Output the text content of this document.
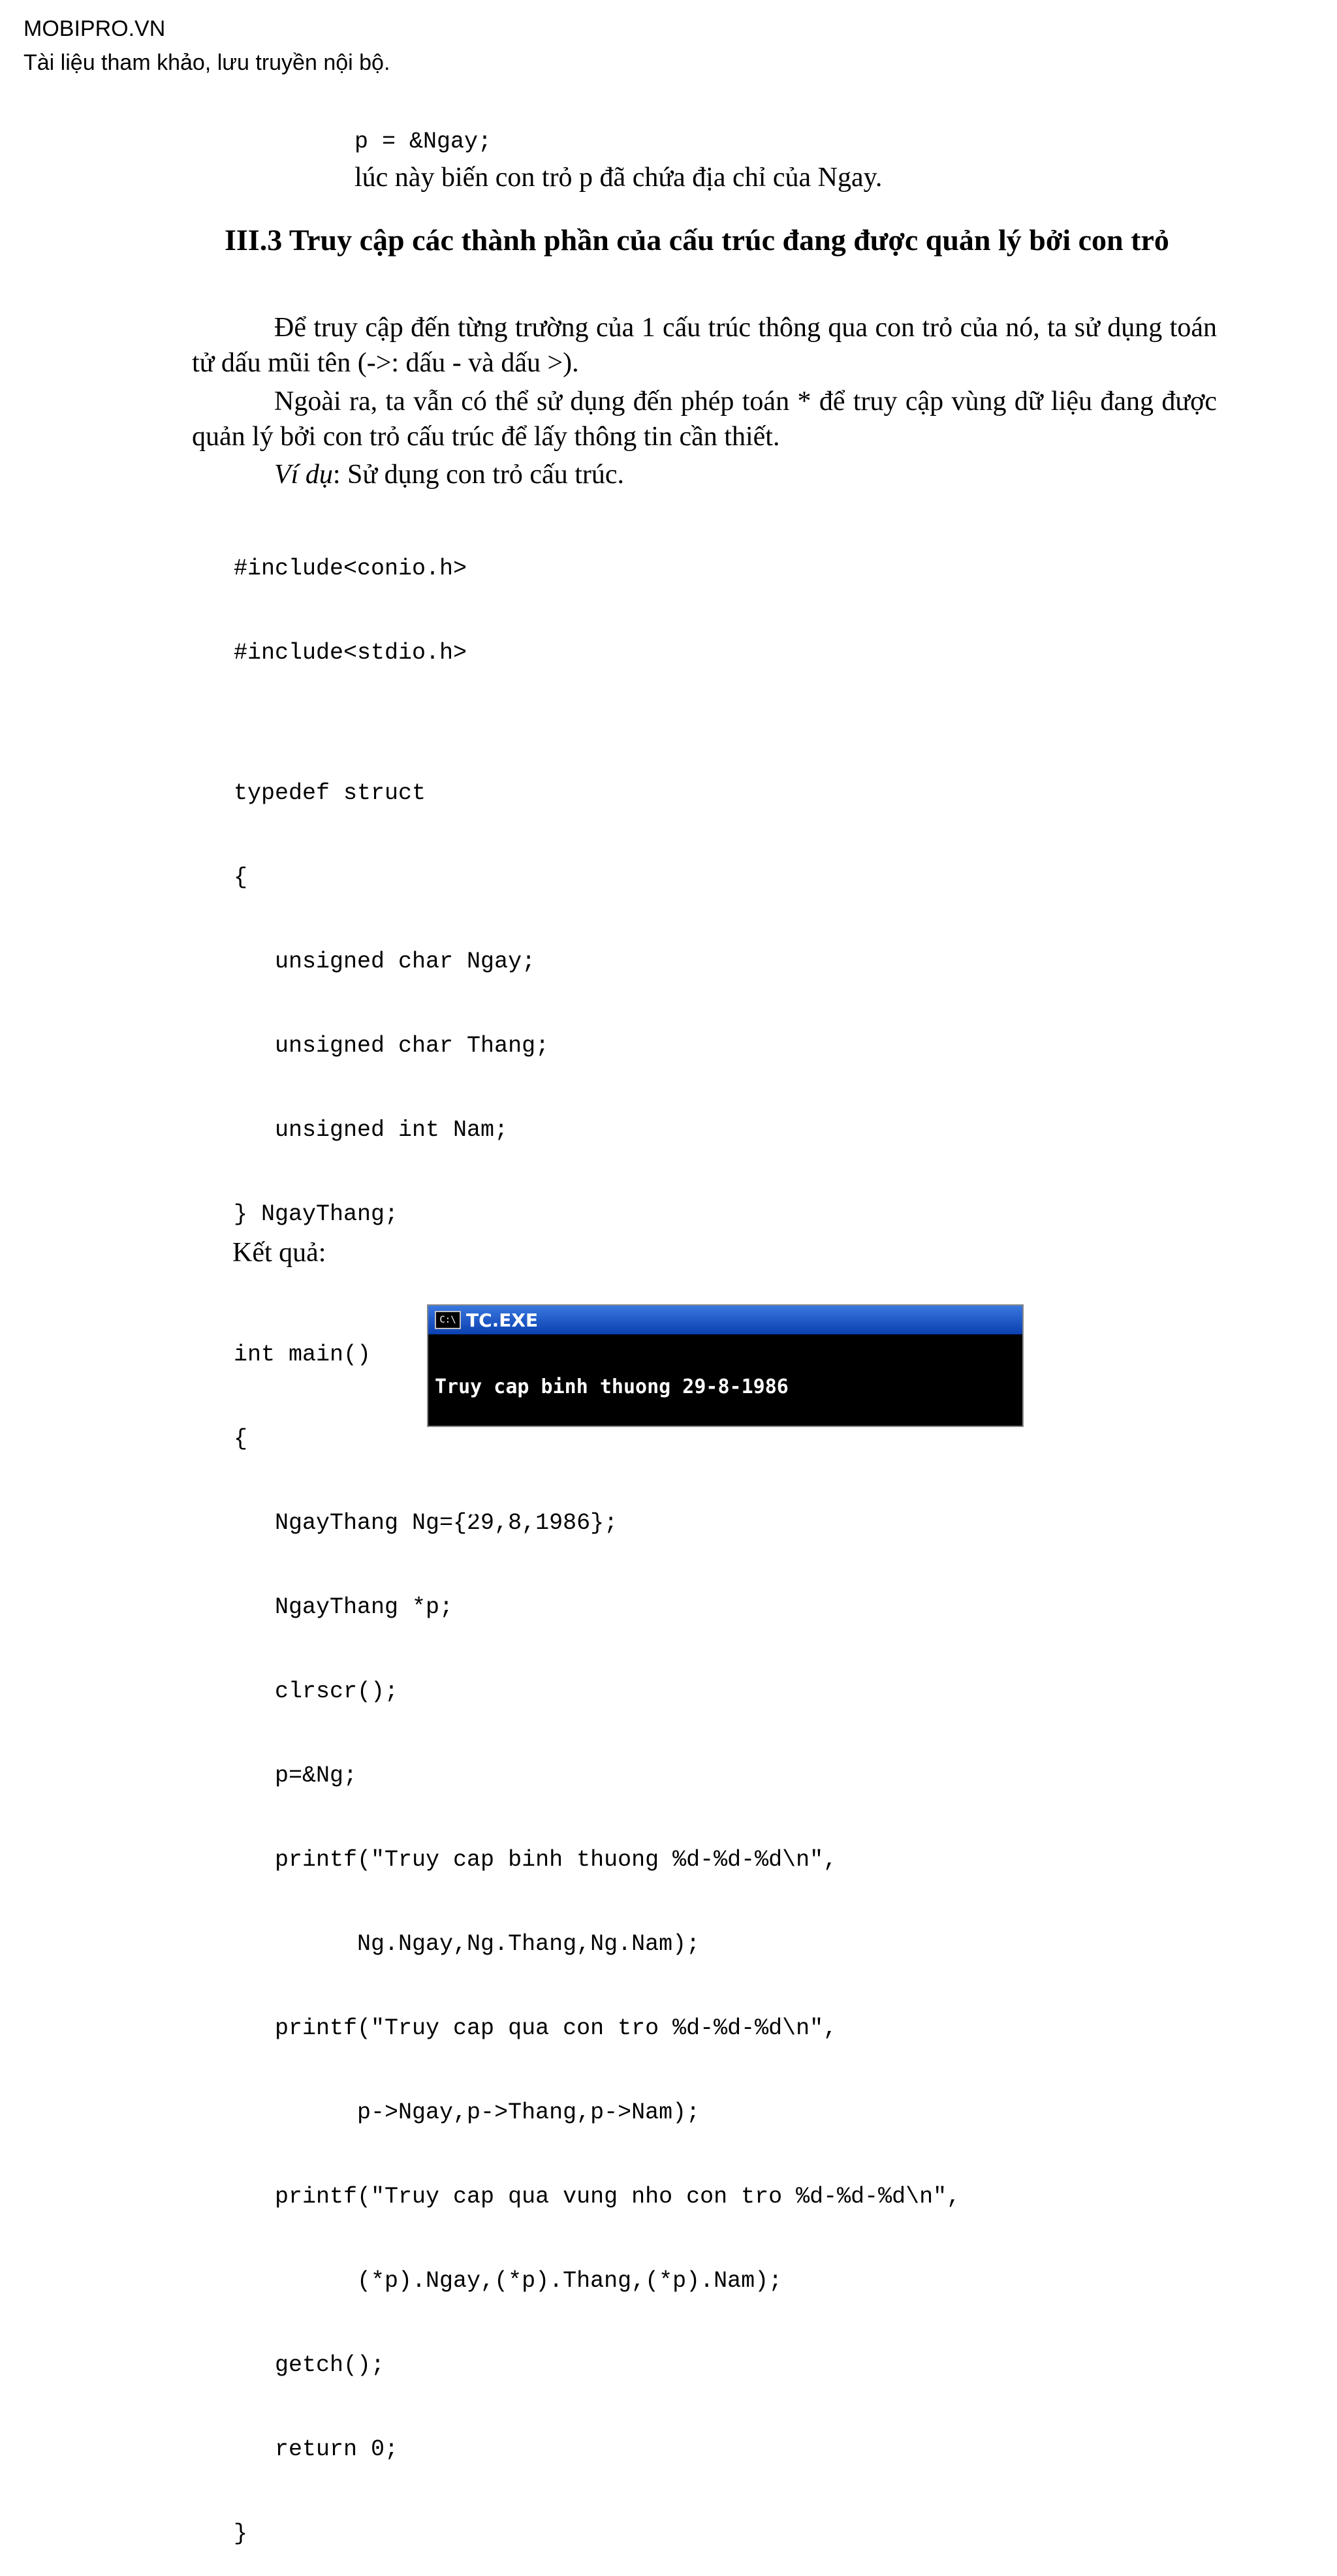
MOBIPRO.VN
Tài liệu tham khảo, lưu truyền nội bộ.
p = &Ngay;
lúc này biến con trỏ p đã chứa địa chỉ của Ngay.
III.3 Truy cập các thành phần của cấu trúc đang được quản lý bởi con trỏ
Để truy cập đến từng trường của 1 cấu trúc thông qua con trỏ của nó, ta sử dụng toán tử dấu mũi tên (->: dấu - và dấu >).
Ngoài ra, ta vẫn có thể sử dụng đến phép toán * để truy cập vùng dữ liệu đang được quản lý bởi con trỏ cấu trúc để lấy thông tin cần thiết.
Ví dụ: Sử dụng con trỏ cấu trúc.

#include<conio.h>

#include<stdio.h>

typedef struct

{

unsigned char Ngay;

unsigned char Thang;

unsigned int Nam;

} NgayThang;

int main()

{

NgayThang Ng={29,8,1986};

NgayThang *p;

clrscr();

p=&Ng;

printf("Truy cap binh thuong %d-%d-%d\n",

Ng.Ngay,Ng.Thang,Ng.Nam);

printf("Truy cap qua con tro %d-%d-%d\n",

p->Ngay,p->Thang,p->Nam);

printf("Truy cap qua vung nho con tro %d-%d-%d\n",

(*p).Ngay,(*p).Thang,(*p).Nam);

getch();

return 0;

}

Kết quả:
C:\ TC.EXE

Truy cap binh thuong 29-8-1986

Truy cap qua con tro 29-8-1986

Truy cap qua vung nho con tro 29-8-1986
